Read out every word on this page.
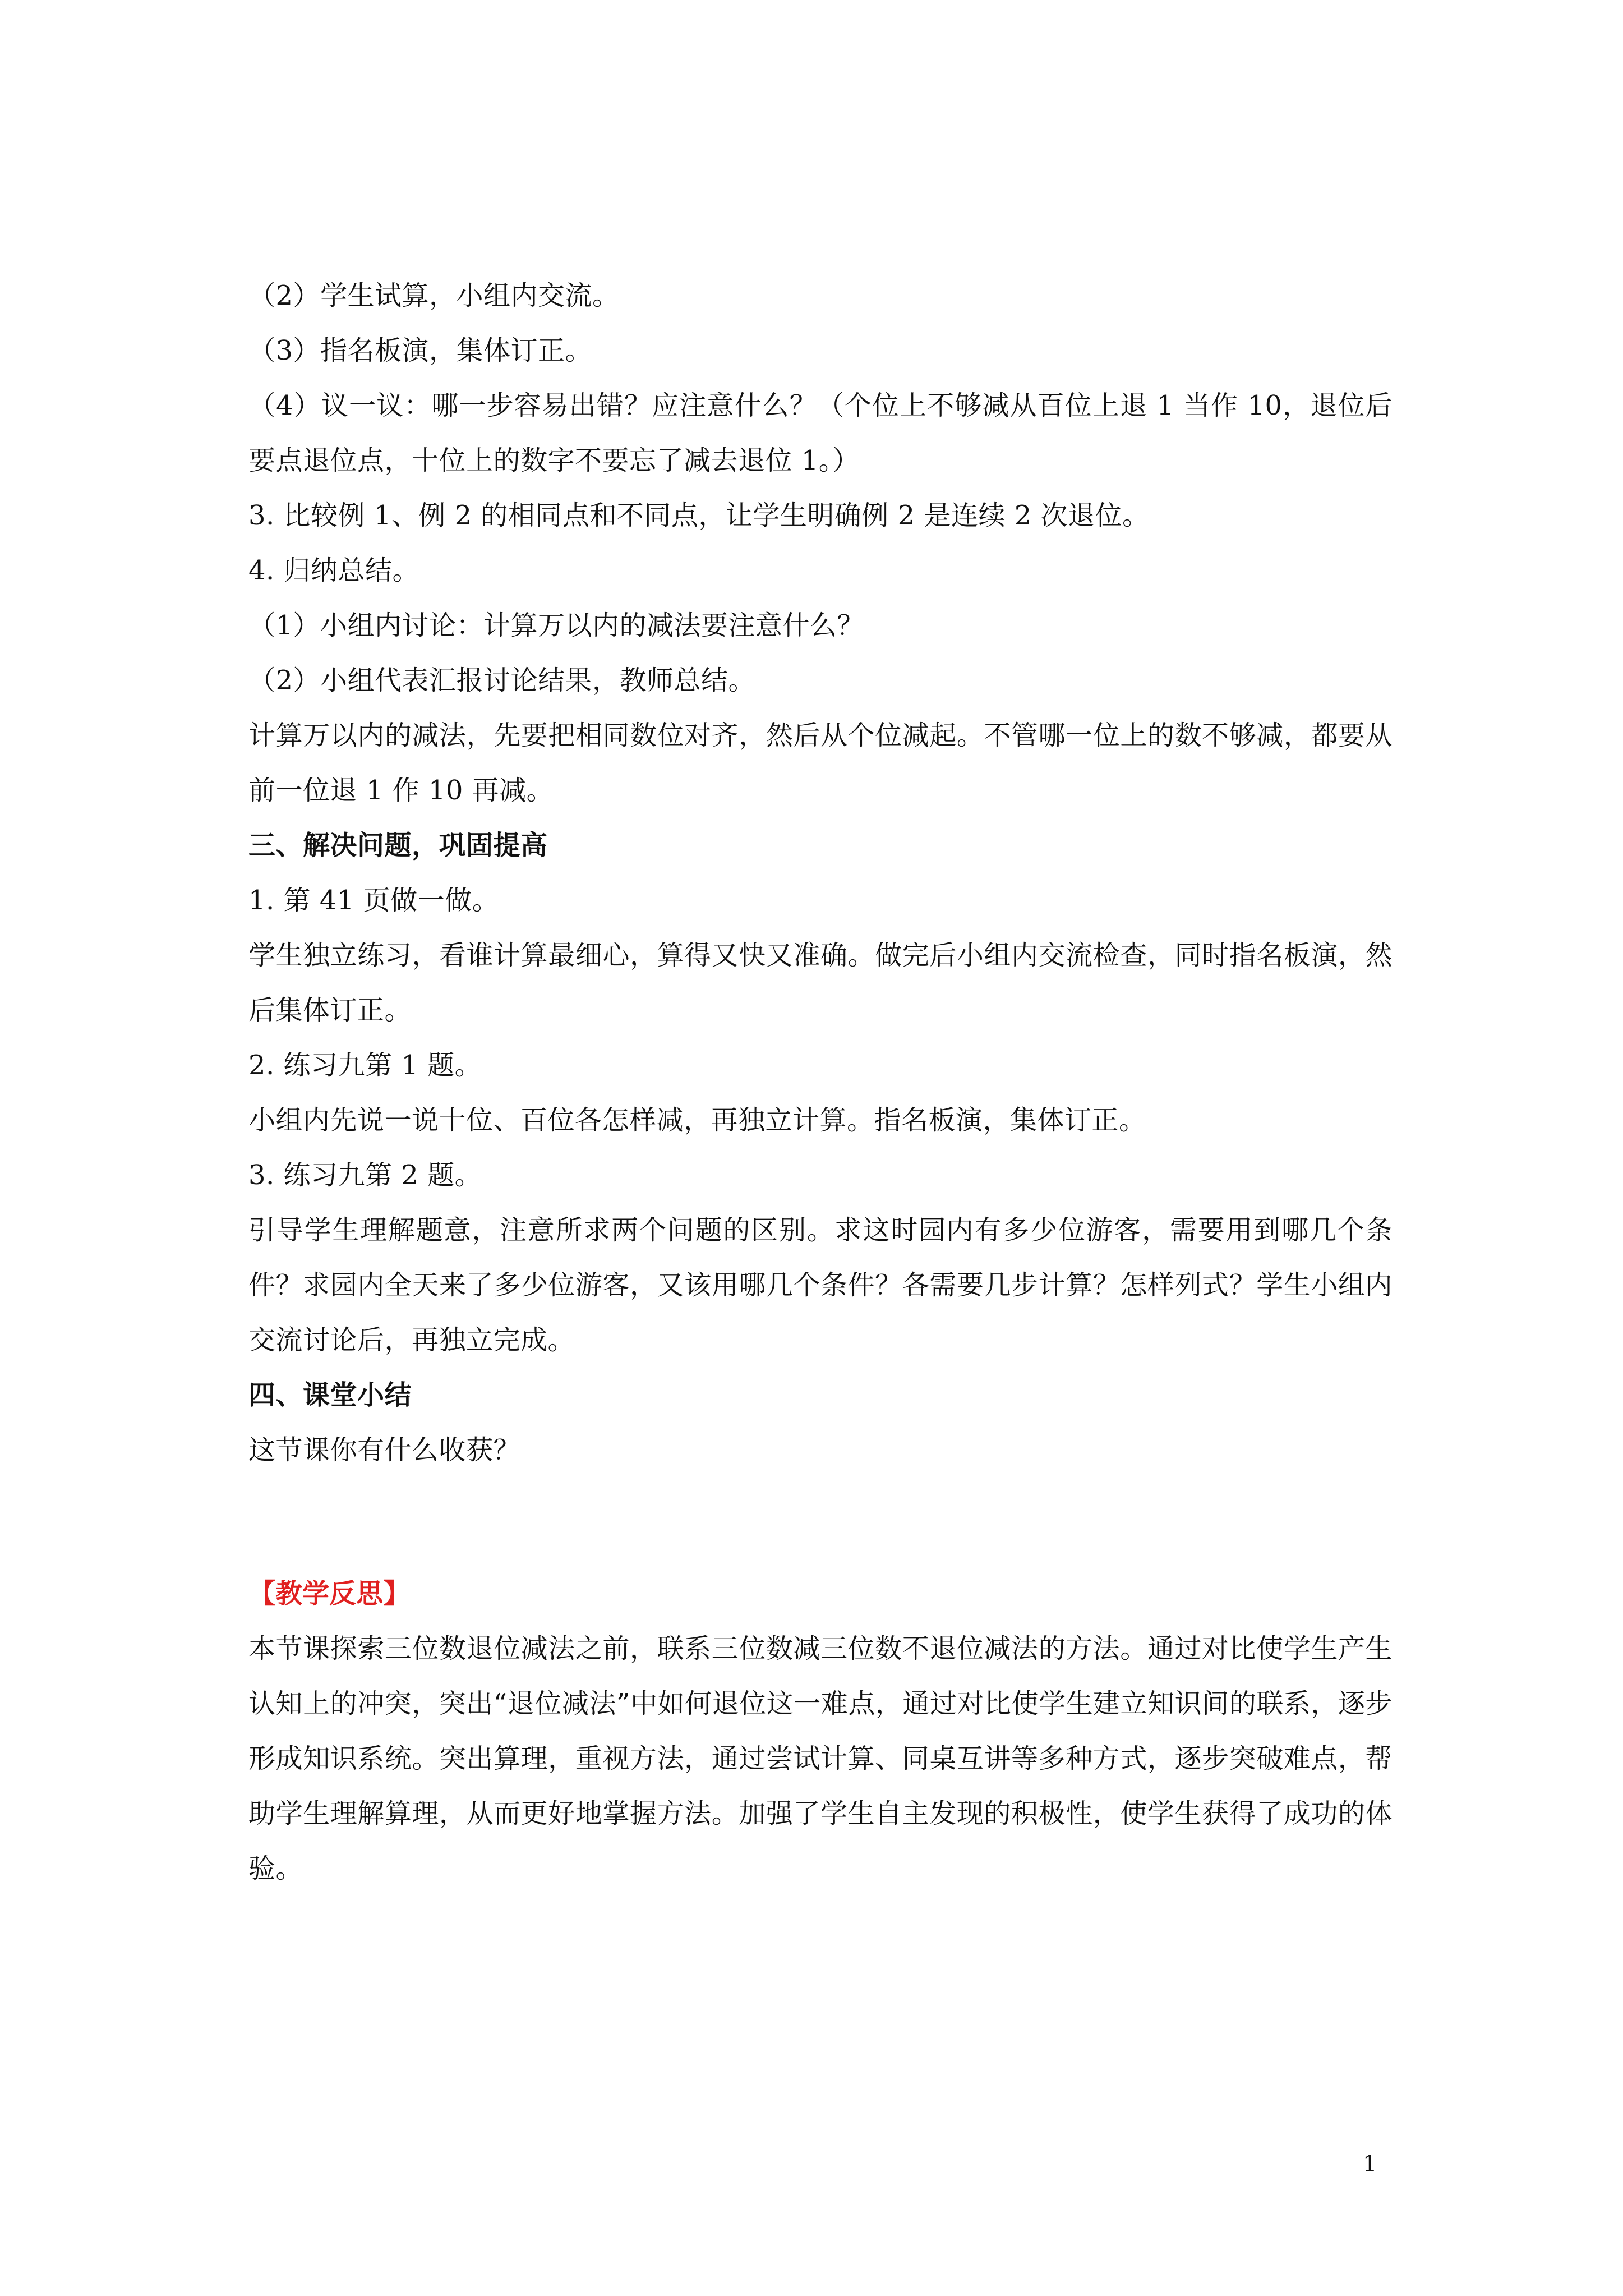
（2）学生试算，小组内交流。
（3）指名板演，集体订正。
（4）议一议：哪一步容易出错？应注意什么？（个位上不够减从百位上退 1 当作 10，退位后要点退位点，十位上的数字不要忘了减去退位 1。）
3. 比较例 1、例 2 的相同点和不同点，让学生明确例 2 是连续 2 次退位。
4. 归纳总结。
（1）小组内讨论：计算万以内的减法要注意什么？
（2）小组代表汇报讨论结果，教师总结。
计算万以内的减法，先要把相同数位对齐，然后从个位减起。不管哪一位上的数不够减，都要从前一位退 1 作 10 再减。
三、解决问题，巩固提高
1. 第 41 页做一做。
学生独立练习，看谁计算最细心，算得又快又准确。做完后小组内交流检查，同时指名板演，然后集体订正。
2. 练习九第 1 题。
小组内先说一说十位、百位各怎样减，再独立计算。指名板演，集体订正。
3. 练习九第 2 题。
引导学生理解题意，注意所求两个问题的区别。求这时园内有多少位游客，需要用到哪几个条件？求园内全天来了多少位游客，又该用哪几个条件？各需要几步计算？怎样列式？学生小组内交流讨论后，再独立完成。
四、课堂小结
这节课你有什么收获？
【教学反思】
本节课探索三位数退位减法之前，联系三位数减三位数不退位减法的方法。通过对比使学生产生认知上的冲突，突出“退位减法”中如何退位这一难点，通过对比使学生建立知识间的联系，逐步形成知识系统。突出算理，重视方法，通过尝试计算、同桌互讲等多种方式，逐步突破难点，帮助学生理解算理，从而更好地掌握方法。加强了学生自主发现的积极性，使学生获得了成功的体验。
1
